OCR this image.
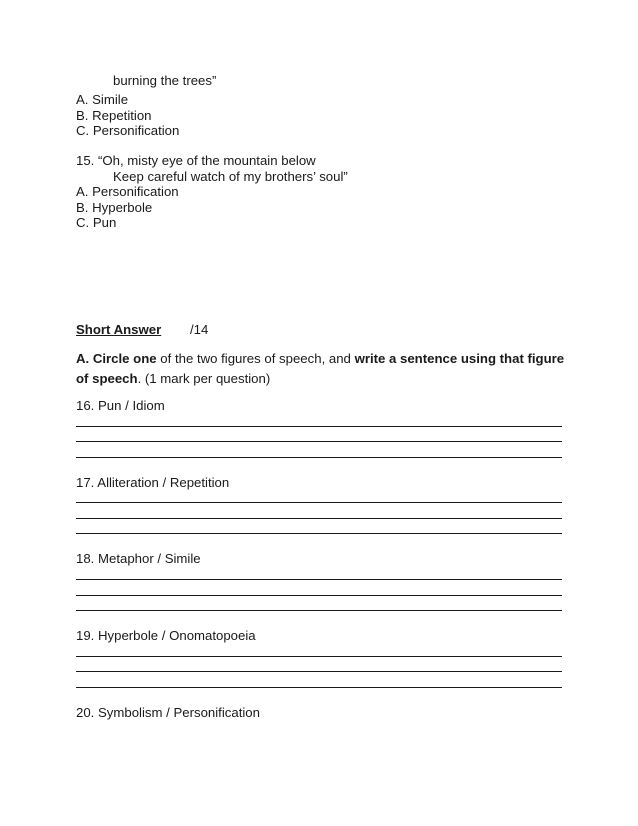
burning the trees”
A. Simile
B. Repetition
C. Personification
15. “Oh, misty eye of the mountain below
Keep careful watch of my brothers’ soul”
A. Personification
B. Hyperbole
C. Pun
Short Answer /14
A. Circle one of the two figures of speech, and write a sentence using that figure of speech. (1 mark per question)
16. Pun / Idiom
17. Alliteration / Repetition
18. Metaphor / Simile
19. Hyperbole / Onomatopoeia
20. Symbolism / Personification
